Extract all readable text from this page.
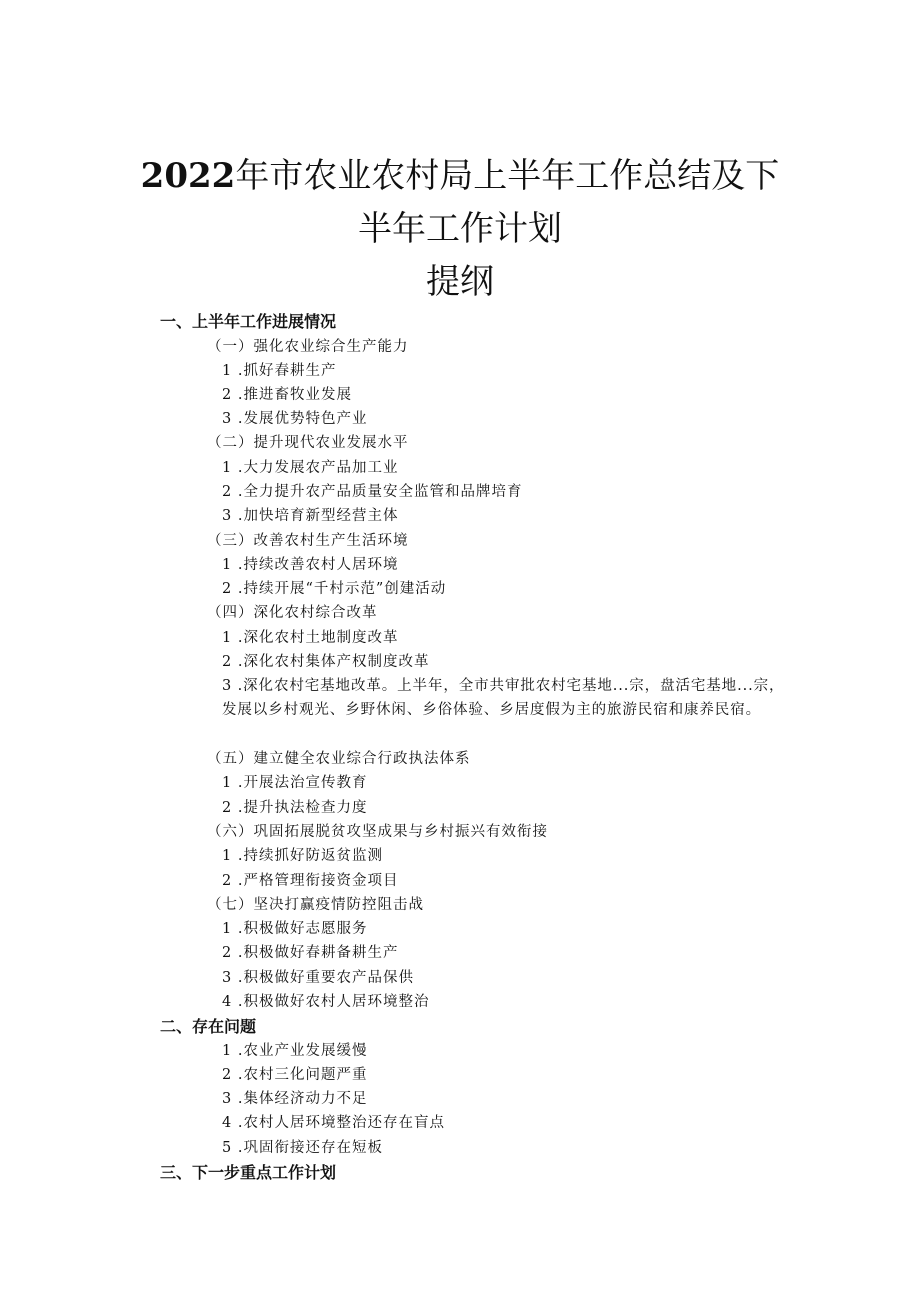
2022年市农业农村局上半年工作总结及下
半年工作计划
提纲
一、上半年工作进展情况
（一）强化农业综合生产能力
1 .抓好春耕生产
2 .推进畜牧业发展
3 .发展优势特色产业
（二）提升现代农业发展水平
1 .大力发展农产品加工业
2 .全力提升农产品质量安全监管和品牌培育
3 .加快培育新型经营主体
（三）改善农村生产生活环境
1 .持续改善农村人居环境
2 .持续开展“千村示范”创建活动
（四）深化农村综合改革
1 .深化农村土地制度改革
2 .深化农村集体产权制度改革
3 .深化农村宅基地改革。上半年，全市共审批农村宅基地...宗，盘活宅基地...宗，发展以乡村观光、乡野休闲、乡俗体验、乡居度假为主的旅游民宿和康养民宿。
（五）建立健全农业综合行政执法体系
1 .开展法治宣传教育
2 .提升执法检查力度
（六）巩固拓展脱贫攻坚成果与乡村振兴有效衔接
1 .持续抓好防返贫监测
2 .严格管理衔接资金项目
（七）坚决打赢疫情防控阻击战
1 .积极做好志愿服务
2 .积极做好春耕备耕生产
3 .积极做好重要农产品保供
4 .积极做好农村人居环境整治
二、存在问题
1 .农业产业发展缓慢
2 .农村三化问题严重
3 .集体经济动力不足
4 .农村人居环境整治还存在盲点
5 .巩固衔接还存在短板
三、下一步重点工作计划
